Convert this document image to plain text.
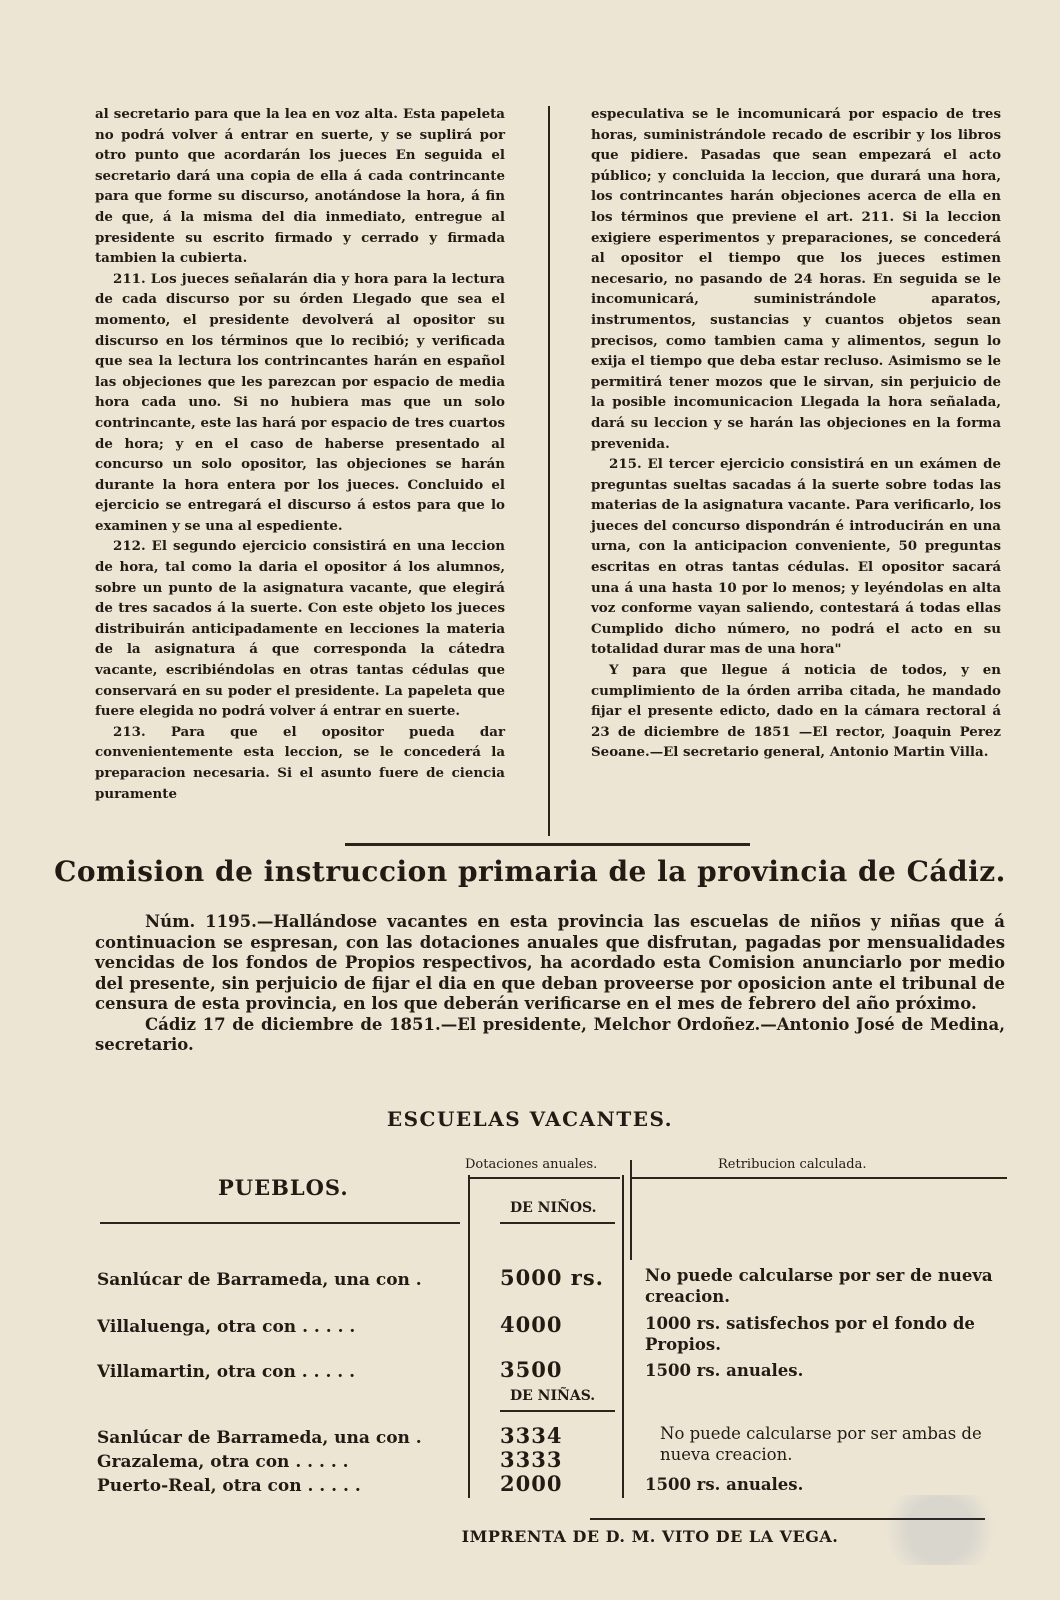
al secretario para que la lea en voz alta. Esta papeleta no podrá volver á entrar en suerte, y se suplirá por otro punto que acordarán los jueces En seguida el secretario dará una copia de ella á cada contrincante para que forme su discurso, anotándose la hora, á fin de que, á la misma del dia inmediato, entregue al presidente su escrito firmado y cerrado y firmada tambien la cubierta.

211. Los jueces señalarán dia y hora para la lectura de cada discurso por su órden Llegado que sea el momento, el presidente devolverá al opositor su discurso en los términos que lo recibió; y verificada que sea la lectura los contrincantes harán en español las objeciones que les parezcan por espacio de media hora cada uno. Si no hubiera mas que un solo contrincante, este las hará por espacio de tres cuartos de hora; y en el caso de haberse presentado al concurso un solo opositor, las objeciones se harán durante la hora entera por los jueces. Concluido el ejercicio se entregará el discurso á estos para que lo examinen y se una al espediente.

212. El segundo ejercicio consistirá en una leccion de hora, tal como la daria el opositor á los alumnos, sobre un punto de la asignatura vacante, que elegirá de tres sacados á la suerte. Con este objeto los jueces distribuirán anticipadamente en lecciones la materia de la asignatura á que corresponda la cátedra vacante, escribiéndolas en otras tantas cédulas que conservará en su poder el presidente. La papeleta que fuere elegida no podrá volver á entrar en suerte.

213. Para que el opositor pueda dar convenientemente esta leccion, se le concederá la preparacion necesaria. Si el asunto fuere de ciencia puramente

especulativa se le incomunicará por espacio de tres horas, suministrándole recado de escribir y los libros que pidiere. Pasadas que sean empezará el acto público; y concluida la leccion, que durará una hora, los contrincantes harán objeciones acerca de ella en los términos que previene el art. 211. Si la leccion exigiere esperimentos y preparaciones, se concederá al opositor el tiempo que los jueces estimen necesario, no pasando de 24 horas. En seguida se le incomunicará, suministrándole aparatos, instrumentos, sustancias y cuantos objetos sean precisos, como tambien cama y alimentos, segun lo exija el tiempo que deba estar recluso. Asimismo se le permitirá tener mozos que le sirvan, sin perjuicio de la posible incomunicacion Llegada la hora señalada, dará su leccion y se harán las objeciones en la forma prevenida.

215. El tercer ejercicio consistirá en un exámen de preguntas sueltas sacadas á la suerte sobre todas las materias de la asignatura vacante. Para verificarlo, los jueces del concurso dispondrán é introducirán en una urna, con la anticipacion conveniente, 50 preguntas escritas en otras tantas cédulas. El opositor sacará una á una hasta 10 por lo menos; y leyéndolas en alta voz conforme vayan saliendo, contestará á todas ellas Cumplido dicho número, no podrá el acto en su totalidad durar mas de una hora"

Y para que llegue á noticia de todos, y en cumplimiento de la órden arriba citada, he mandado fijar el presente edicto, dado en la cámara rectoral á 23 de diciembre de 1851 —El rector, Joaquin Perez Seoane.—El secretario general, Antonio Martin Villa.

Comision de instruccion primaria de la provincia de Cádiz.

Núm. 1195.—Hallándose vacantes en esta provincia las escuelas de niños y niñas que á continuacion se espresan, con las dotaciones anuales que disfrutan, pagadas por mensualidades vencidas de los fondos de Propios respectivos, ha acordado esta Comision anunciarlo por medio del presente, sin perjuicio de fijar el dia en que deban proveerse por oposicion ante el tribunal de censura de esta provincia, en los que deberán verificarse en el mes de febrero del año próximo.

Cádiz 17 de diciembre de 1851.—El presidente, Melchor Ordoñez.—Antonio José de Medina, secretario.

ESCUELAS VACANTES.
Dotaciones anuales.	Retribucion calculada.
PUEBLOS.
DE NIÑOS.
Sanlúcar de Barrameda, una con .	5000 rs.	No puede calcularse por ser de nueva creacion.
Villaluenga, otra con . . . . .	4000	1000 rs. satisfechos por el fondo de Propios.
Villamartin, otra con . . . . .	3500	1500 rs. anuales.
DE NIÑAS.
Sanlúcar de Barrameda, una con .	3334	No puede calcularse por ser ambas de nueva creacion.
Grazalema, otra con . . . . .	3333
Puerto-Real, otra con . . . . .	2000	1500 rs. anuales.
IMPRENTA DE D. M. VITO DE LA VEGA.
